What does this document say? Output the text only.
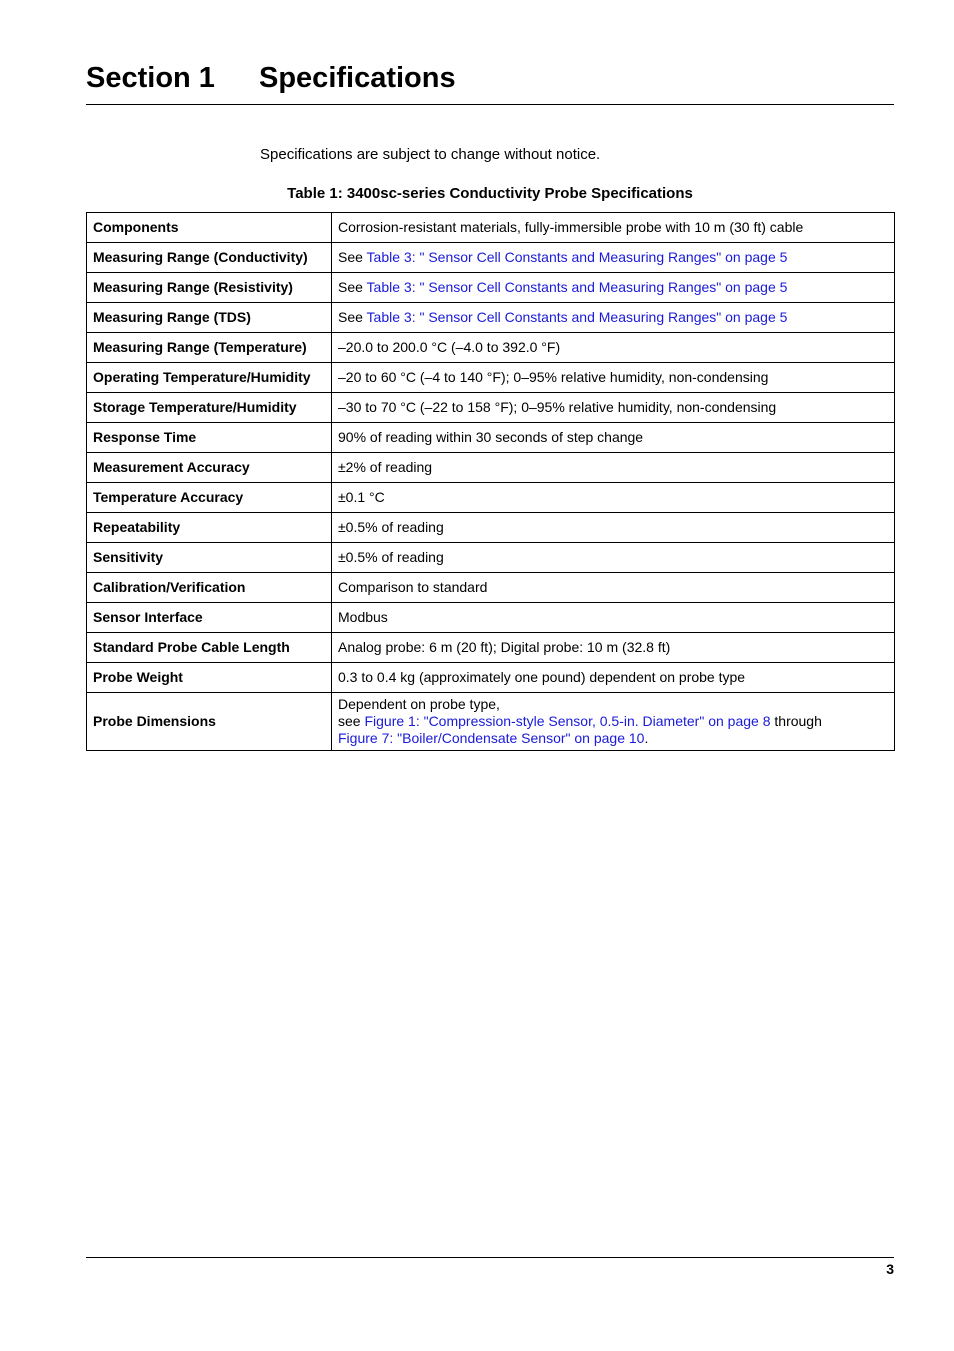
Section 1 Specifications
Specifications are subject to change without notice.
Table 1: 3400sc-series Conductivity Probe Specifications
Components	Corrosion-resistant materials, fully-immersible probe with 10 m (30 ft) cable
Measuring Range (Conductivity)	See Table 3: " Sensor Cell Constants and Measuring Ranges" on page 5
Measuring Range (Resistivity)	See Table 3: " Sensor Cell Constants and Measuring Ranges" on page 5
Measuring Range (TDS)	See Table 3: " Sensor Cell Constants and Measuring Ranges" on page 5
Measuring Range (Temperature)	–20.0 to 200.0 °C (–4.0 to 392.0 °F)
Operating Temperature/Humidity	–20 to 60 °C (–4 to 140 °F); 0–95% relative humidity, non-condensing
Storage Temperature/Humidity	–30 to 70 °C (–22 to 158 °F); 0–95% relative humidity, non-condensing
Response Time	90% of reading within 30 seconds of step change
Measurement Accuracy	±2% of reading
Temperature Accuracy	±0.1 °C
Repeatability	±0.5% of reading
Sensitivity	±0.5% of reading
Calibration/Verification	Comparison to standard
Sensor Interface	Modbus
Standard Probe Cable Length	Analog probe: 6 m (20 ft); Digital probe: 10 m (32.8 ft)
Probe Weight	0.3 to 0.4 kg (approximately one pound) dependent on probe type
Probe Dimensions	Dependent on probe type,
see Figure 1: "Compression-style Sensor, 0.5-in. Diameter" on page 8 through
Figure 7: "Boiler/Condensate Sensor" on page 10.
3
